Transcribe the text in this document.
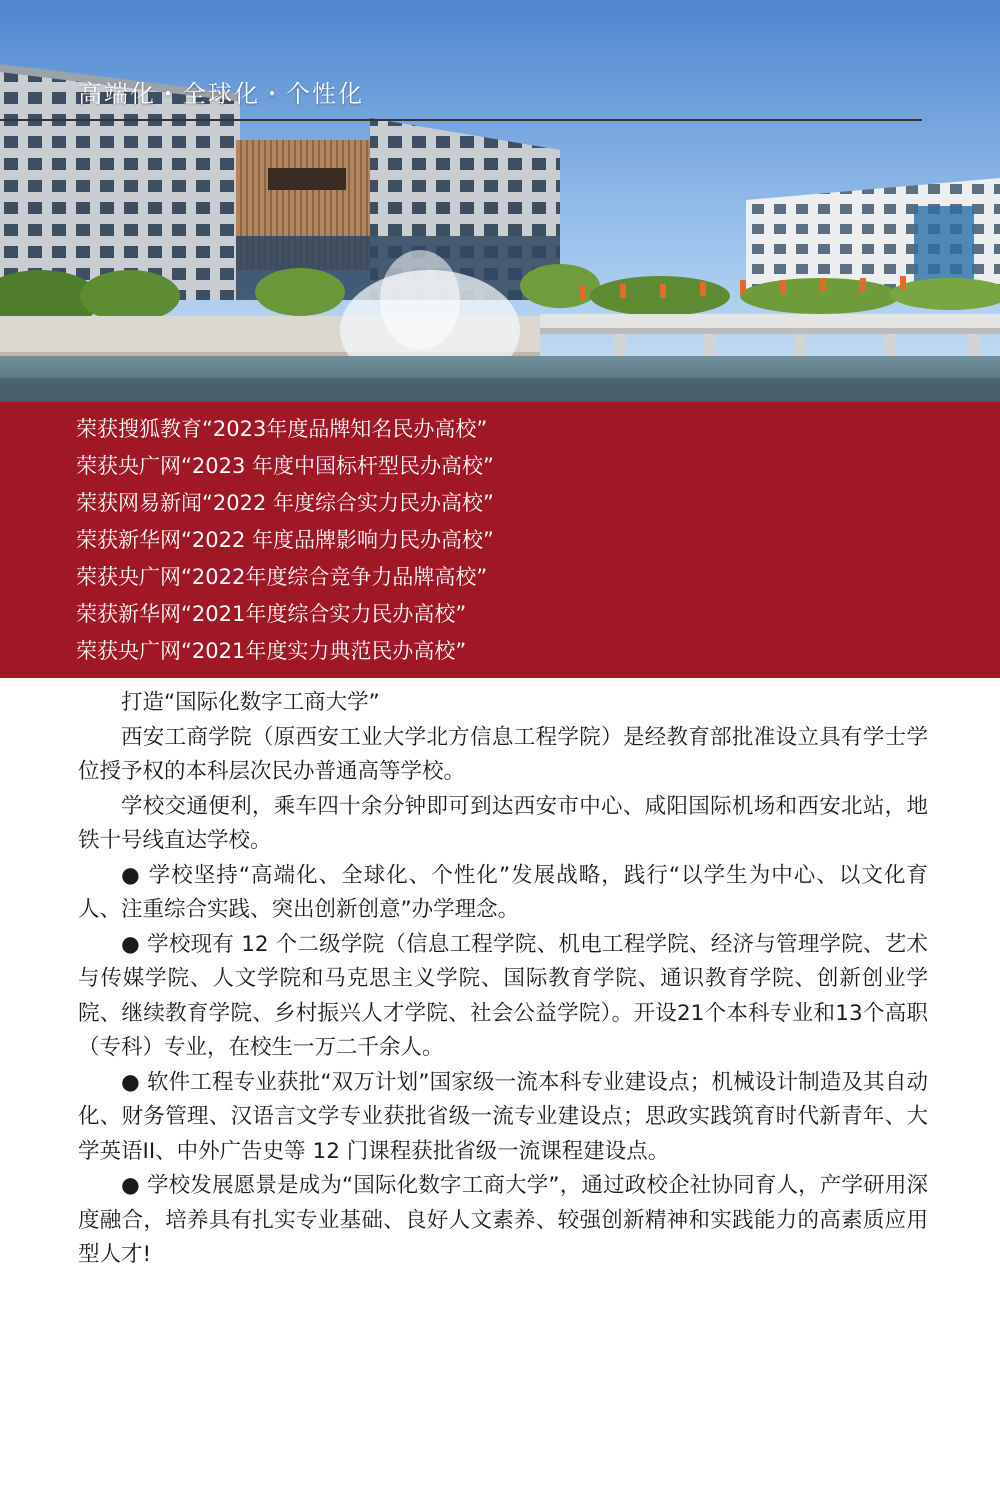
高端化・全球化・个性化
荣获搜狐教育“2023年度品牌知名民办高校”
荣获央广网“2023 年度中国标杆型民办高校”
荣获网易新闻“2022 年度综合实力民办高校”
荣获新华网“2022 年度品牌影响力民办高校”
荣获央广网“2022年度综合竞争力品牌高校”
荣获新华网“2021年度综合实力民办高校”
荣获央广网“2021年度实力典范民办高校”

打造“国际化数字工商大学”

西安工商学院（原西安工业大学北方信息工程学院）是经教育部批准设立具有学士学位授予权的本科层次民办普通高等学校。

学校交通便利，乘车四十余分钟即可到达西安市中心、咸阳国际机场和西安北站，地铁十号线直达学校。

● 学校坚持“高端化、全球化、个性化”发展战略，践行“以学生为中心、以文化育人、注重综合实践、突出创新创意”办学理念。

● 学校现有 12 个二级学院（信息工程学院、机电工程学院、经济与管理学院、艺术与传媒学院、人文学院和马克思主义学院、国际教育学院、通识教育学院、创新创业学院、继续教育学院、乡村振兴人才学院、社会公益学院）。开设21个本科专业和13个高职（专科）专业，在校生一万二千余人。

● 软件工程专业获批“双万计划”国家级一流本科专业建设点；机械设计制造及其自动化、财务管理、汉语言文学专业获批省级一流专业建设点；思政实践筑育时代新青年、大学英语II、中外广告史等 12 门课程获批省级一流课程建设点。

● 学校发展愿景是成为“国际化数字工商大学”，通过政校企社协同育人，产学研用深度融合，培养具有扎实专业基础、良好人文素养、较强创新精神和实践能力的高素质应用型人才!
